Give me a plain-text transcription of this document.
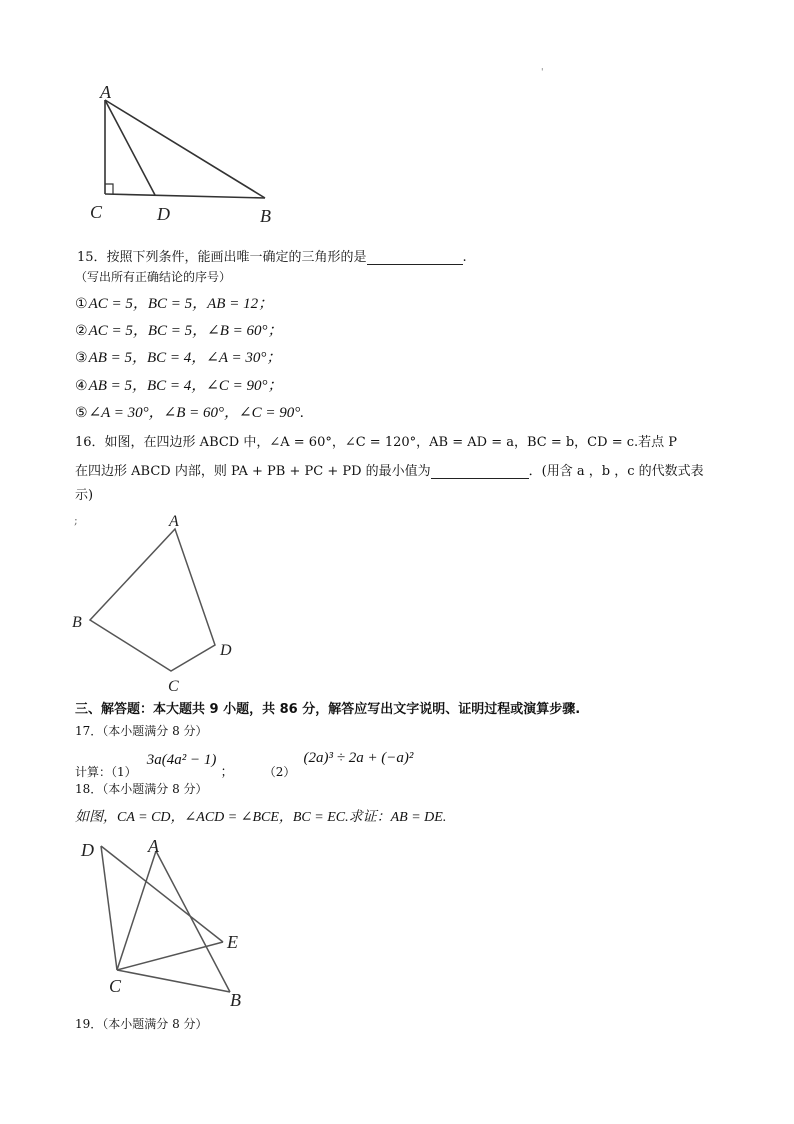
'
A
C	D	B
15．按照下列条件，能画出唯一确定的三角形的是	.
（写出所有正确结论的序号）
①AC = 5，BC = 5，AB = 12；
②AC = 5，BC = 5，∠B = 60°；
③AB = 5，BC = 4，∠A = 30°；
④AB = 5，BC = 4，∠C = 90°；
⑤∠A = 30°，∠B = 60°，∠C = 90°.
16．如图，在四边形 ABCD 中，∠A = 60°，∠C = 120°，AB = AD = a，BC = b，CD = c.若点 P
在四边形 ABCD 内部，则 PA + PB + PC + PD 的最小值为	．(用含 a ，b ，c 的代数式表
示)
;	A
B
C
D
三、解答题：本大题共 9 小题，共 86 分，解答应写出文字说明、证明过程或演算步骤.
17．（本小题满分 8 分）
计算：（1） 3a(4a² − 1) ；	（2） (2a)³ ÷ 2a + (−a)²
18．（本小题满分 8 分）
如图，CA = CD，∠ACD = ∠BCE，BC = EC.求证：AB = DE.
D	A
E
C
B
19．（本小题满分 8 分）
